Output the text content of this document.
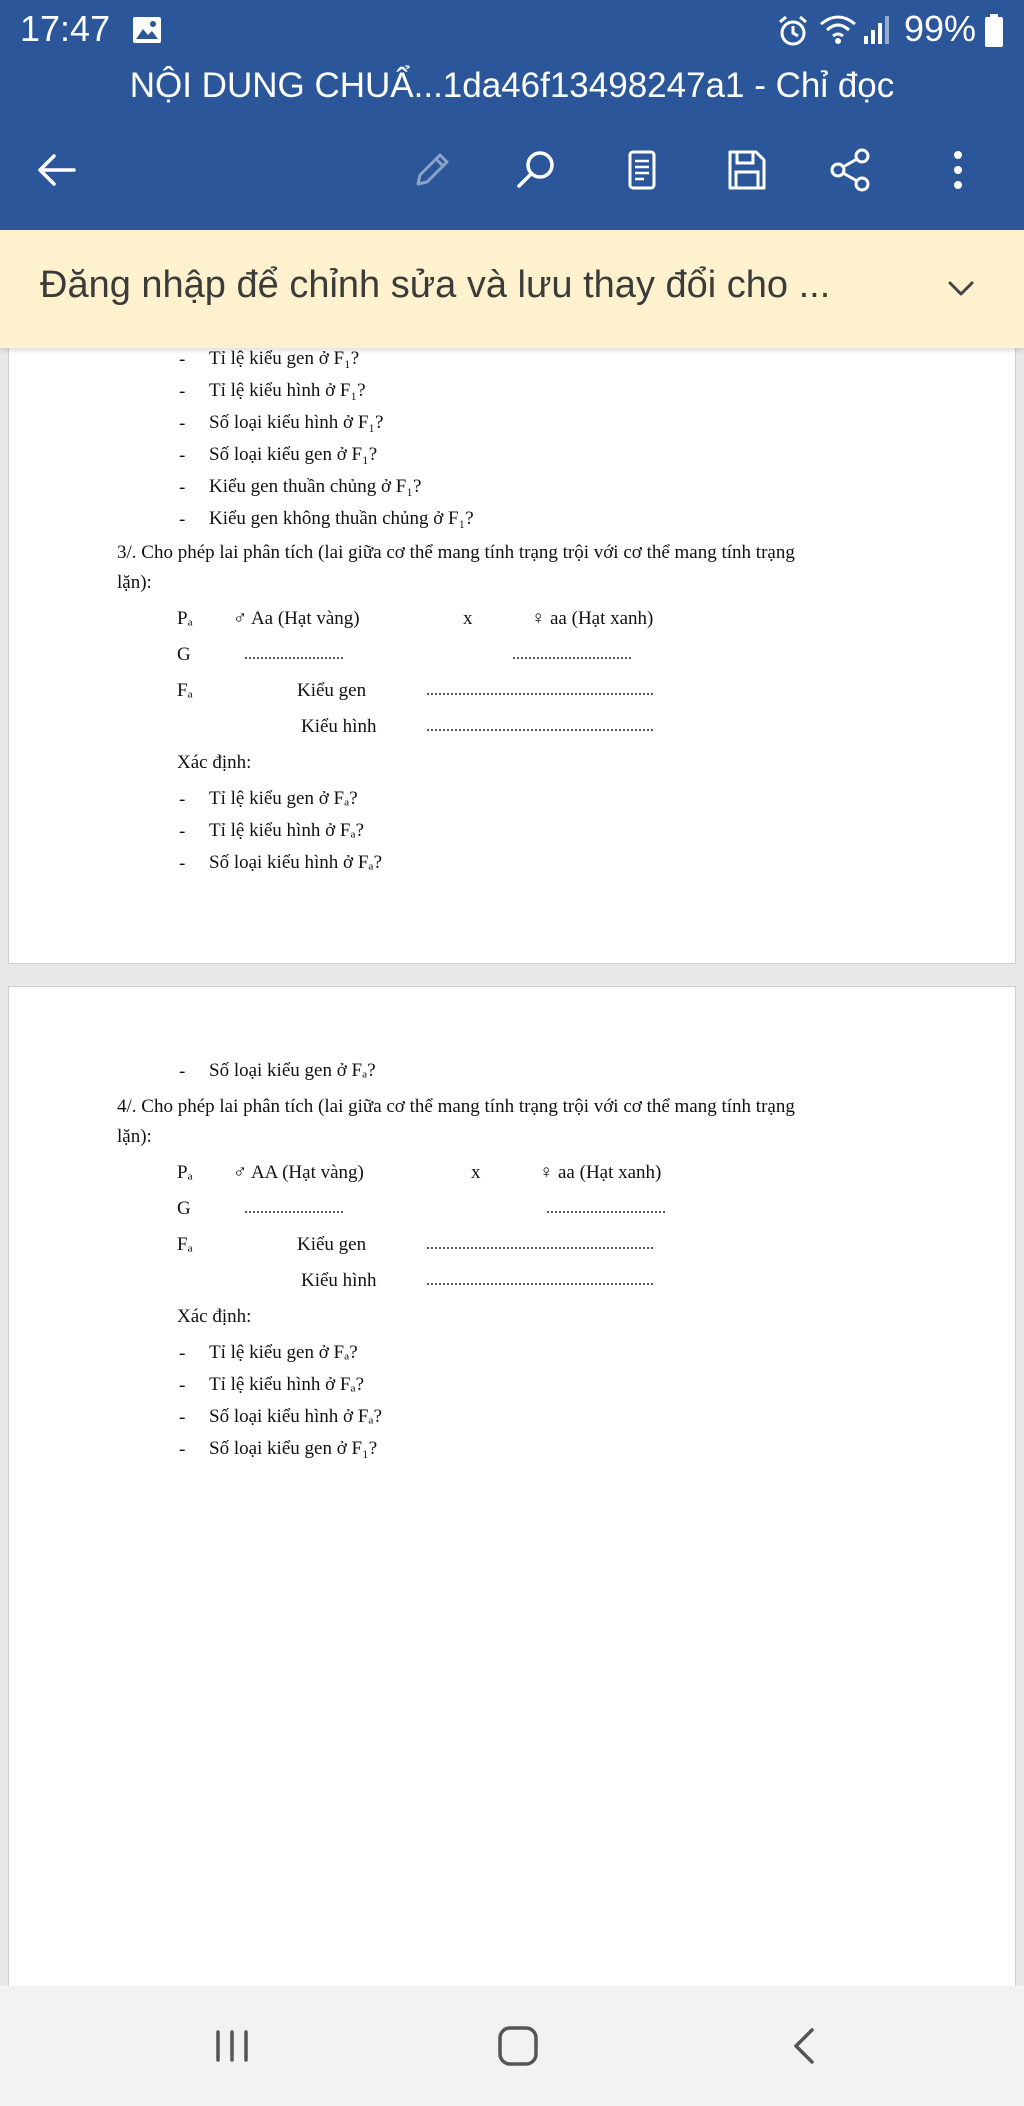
17:47	99%
NỘI DUNG CHUẨ...1da46f13498247a1 - Chỉ đọc
Đăng nhập để chỉnh sửa và lưu thay đổi cho ...
- Tỉ lệ kiểu gen ở F₁?
- Tỉ lệ kiểu hình ở F₁?
- Số loại kiểu hình ở F₁?
- Số loại kiểu gen ở F₁?
- Kiểu gen thuần chủng ở F₁?
- Kiểu gen không thuần chủng ở F₁?
3/. Cho phép lai phân tích (lai giữa cơ thể mang tính trạng trội với cơ thể mang tính trạng
lặn):
Pₐ ♂ Aa (Hạt vàng)	x	♀ aa (Hạt xanh)
G
Fₐ	Kiểu gen
Kiểu hình
Xác định:
- Tỉ lệ kiểu gen ở Fₐ?
- Tỉ lệ kiểu hình ở Fₐ?
- Số loại kiểu hình ở Fₐ?
- Số loại kiểu gen ở Fₐ?
4/. Cho phép lai phân tích (lai giữa cơ thể mang tính trạng trội với cơ thể mang tính trạng
lặn):
Pₐ ♂ AA (Hạt vàng)	x	♀ aa (Hạt xanh)
G
Fₐ	Kiểu gen
Kiểu hình
Xác định:
- Tỉ lệ kiểu gen ở Fₐ?
- Tỉ lệ kiểu hình ở Fₐ?
- Số loại kiểu hình ở Fₐ?
- Số loại kiểu gen ở F₁?
